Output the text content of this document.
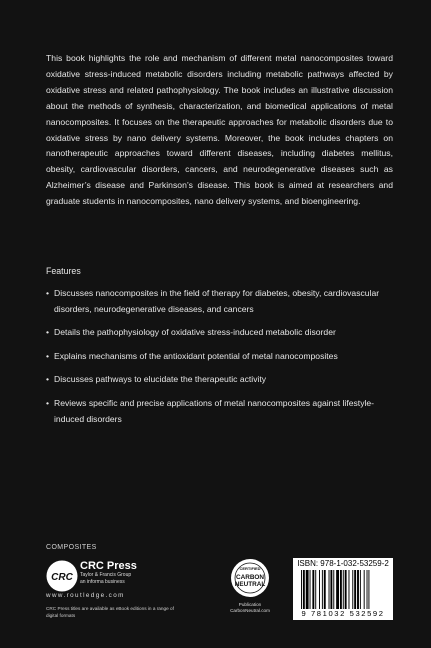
This book highlights the role and mechanism of different metal nanocomposites toward oxidative stress-induced metabolic disorders including metabolic pathways affected by oxidative stress and related pathophysiology. The book includes an illustrative discussion about the methods of synthesis, characterization, and biomedical applications of metal nanocomposites. It focuses on the therapeutic approaches for metabolic disorders due to oxidative stress by nano delivery systems. Moreover, the book includes chapters on nanotherapeutic approaches toward different diseases, including diabetes mellitus, obesity, cardiovascular disorders, cancers, and neurodegenerative diseases such as Alzheimer’s disease and Parkinson’s disease. This book is aimed at researchers and graduate students in nanocomposites, nano delivery systems, and bioengineering.

Features

• Discusses nanocomposites in the field of therapy for diabetes, obesity, cardiovascular disorders, neurodegenerative diseases, and cancers
• Details the pathophysiology of oxidative stress-induced metabolic disorder
• Explains mechanisms of the antioxidant potential of metal nanocomposites
• Discusses pathways to elucidate the therapeutic activity
• Reviews specific and precise applications of metal nanocomposites against lifestyle-induced disorders
COMPOSITES
CRC
CRC Press
Taylor & Francis Group
an informa business
www.routledge.com
CRC Press titles are available as eBook editions in a range of digital formats
CERTIFIED
CARBON
NEUTRAL
Publication
CarbonNeutral.com
ISBN: 978-1-032-53259-2
9 781032 532592
